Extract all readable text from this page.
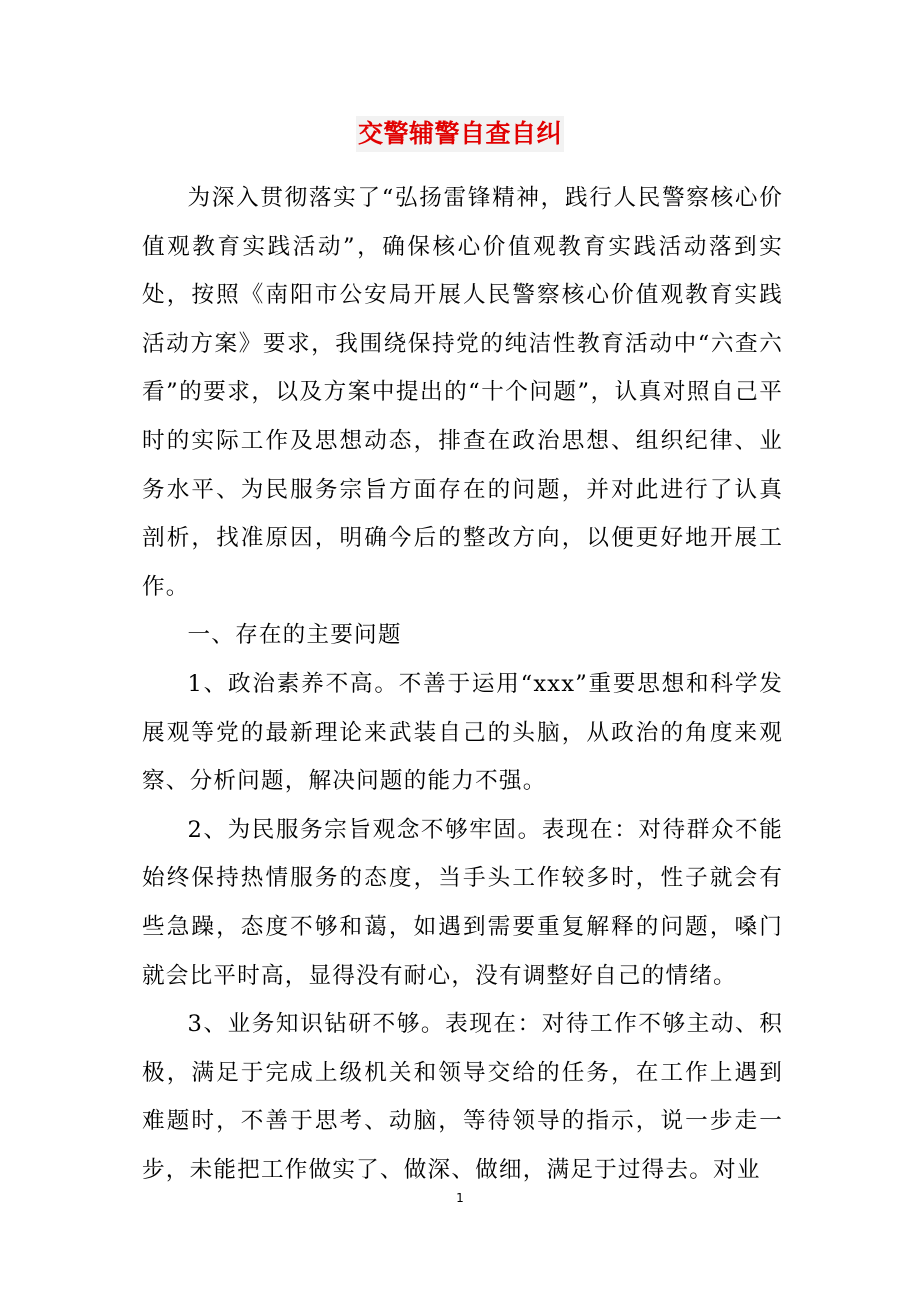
交警辅警自查自纠

为深入贯彻落实了“弘扬雷锋精神，践行人民警察核心价值观教育实践活动”，确保核心价值观教育实践活动落到实处，按照《南阳市公安局开展人民警察核心价值观教育实践活动方案》要求，我围绕保持党的纯洁性教育活动中“六查六看”的要求，以及方案中提出的“十个问题”，认真对照自己平时的实际工作及思想动态，排查在政治思想、组织纪律、业务水平、为民服务宗旨方面存在的问题，并对此进行了认真剖析，找准原因，明确今后的整改方向，以便更好地开展工作。

一、存在的主要问题

1、政治素养不高。不善于运用“xxx”重要思想和科学发展观等党的最新理论来武装自己的头脑，从政治的角度来观察、分析问题，解决问题的能力不强。

2、为民服务宗旨观念不够牢固。表现在：对待群众不能始终保持热情服务的态度，当手头工作较多时，性子就会有些急躁，态度不够和蔼，如遇到需要重复解释的问题，嗓门就会比平时高，显得没有耐心，没有调整好自己的情绪。

3、业务知识钻研不够。表现在：对待工作不够主动、积极，满足于完成上级机关和领导交给的任务，在工作上遇到难题时，不善于思考、动脑，等待领导的指示，说一步走一步，未能把工作做实了、做深、做细，满足于过得去。对业

1
